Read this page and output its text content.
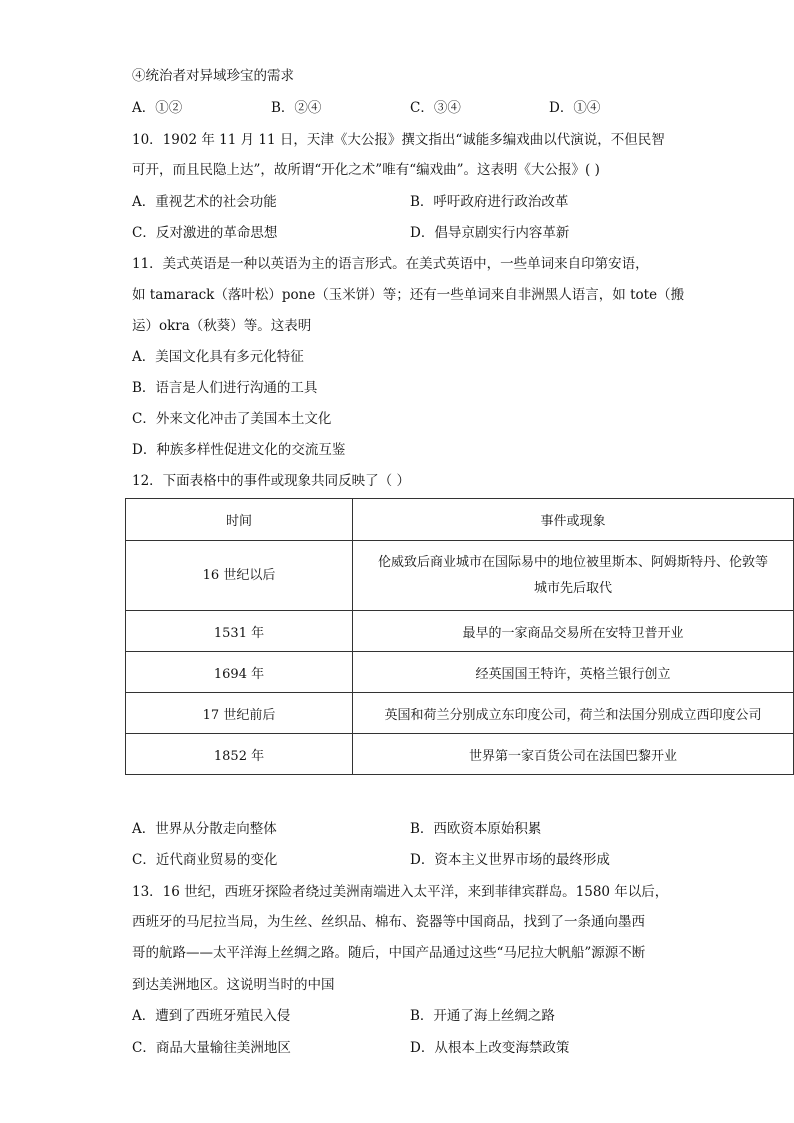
④统治者对异域珍宝的需求
A．①②	B．②④	C．③④	D．①④
10．1902 年 11 月 11 日，天津《大公报》撰文指出“诚能多编戏曲以代演说，不但民智
可开，而且民隐上达”，故所谓“开化之术”唯有“编戏曲”。这表明《大公报》( )
A．重视艺术的社会功能	B．呼吁政府进行政治改革
C．反对激进的革命思想	D．倡导京剧实行内容革新
11．美式英语是一种以英语为主的语言形式。在美式英语中，一些单词来自印第安语，
如 tamarack（落叶松）pone（玉米饼）等；还有一些单词来自非洲黑人语言，如 tote（搬
运）okra（秋葵）等。这表明
A．美国文化具有多元化特征
B．语言是人们进行沟通的工具
C．外来文化冲击了美国本土文化
D．种族多样性促进文化的交流互鉴
12．下面表格中的事件或现象共同反映了（ ）
时间	事件或现象
16 世纪以后	伦威致后商业城市在国际易中的地位被里斯本、阿姆斯特丹、伦敦等
城市先后取代

1531 年	最早的一家商品交易所在安特卫普开业
1694 年	经英国国王特许，英格兰银行创立
17 世纪前后	英国和荷兰分别成立东印度公司，荷兰和法国分别成立西印度公司
1852 年	世界第一家百货公司在法国巴黎开业
A．世界从分散走向整体	B．西欧资本原始积累
C．近代商业贸易的变化	D．资本主义世界市场的最终形成
13．16 世纪，西班牙探险者绕过美洲南端进入太平洋，来到菲律宾群岛。1580 年以后，
西班牙的马尼拉当局，为生丝、丝织品、棉布、瓷器等中国商品，找到了一条通向墨西
哥的航路——太平洋海上丝绸之路。随后，中国产品通过这些“马尼拉大帆船”源源不断
到达美洲地区。这说明当时的中国
A．遭到了西班牙殖民入侵	B．开通了海上丝绸之路
C．商品大量输往美洲地区	D．从根本上改变海禁政策
